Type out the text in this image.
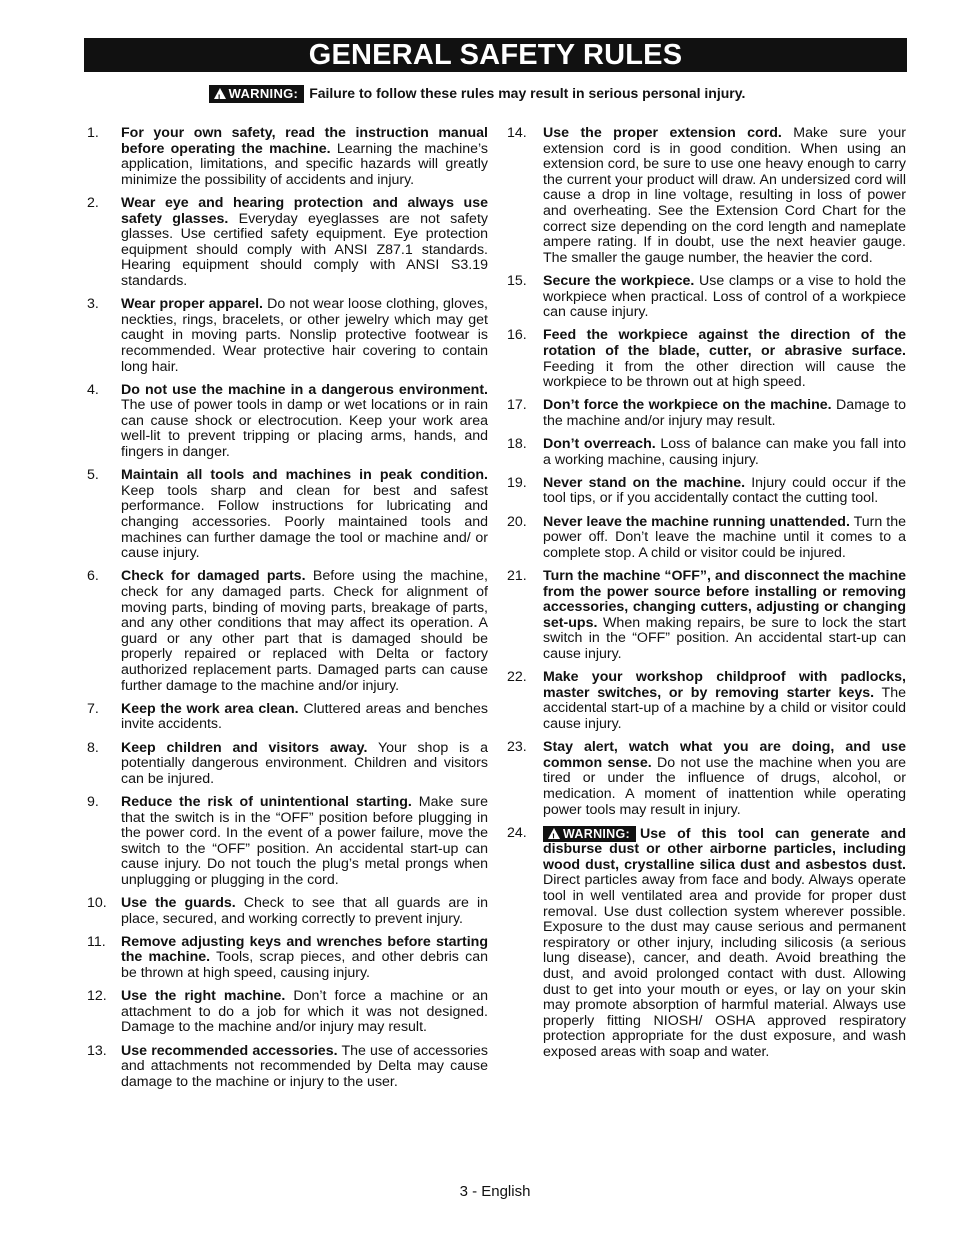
GENERAL SAFETY RULES
!WARNING: Failure to follow these rules may result in serious personal injury.
1. For your own safety, read the instruction manual before operating the machine. Learning the machine’s application, limitations, and specific hazards will greatly minimize the possibility of accidents and injury.
2. Wear eye and hearing protection and always use safety glasses. Everyday eyeglasses are not safety glasses. Use certified safety equipment. Eye protection equipment should comply with ANSI Z87.1 standards. Hearing equipment should comply with ANSI S3.19 standards.
3. Wear proper apparel. Do not wear loose clothing, gloves, neckties, rings, bracelets, or other jewelry which may get caught in moving parts. Nonslip protective footwear is recommended. Wear protective hair covering to contain long hair.
4. Do not use the machine in a dangerous environment. The use of power tools in damp or wet locations or in rain can cause shock or electrocution. Keep your work area well-lit to prevent tripping or placing arms, hands, and fingers in danger.
5. Maintain all tools and machines in peak condition. Keep tools sharp and clean for best and safest performance. Follow instructions for lubricating and changing accessories. Poorly maintained tools and machines can further damage the tool or machine and/ or cause injury.
6. Check for damaged parts. Before using the machine, check for any damaged parts. Check for alignment of moving parts, binding of moving parts, breakage of parts, and any other conditions that may affect its operation. A guard or any other part that is damaged should be properly repaired or replaced with Delta or factory authorized replacement parts. Damaged parts can cause further damage to the machine and/or injury.
7. Keep the work area clean. Cluttered areas and benches invite accidents.
8. Keep children and visitors away. Your shop is a potentially dangerous environment. Children and visitors can be injured.
9. Reduce the risk of unintentional starting. Make sure that the switch is in the “OFF” position before plugging in the power cord. In the event of a power failure, move the switch to the “OFF” position. An accidental start-up can cause injury. Do not touch the plug’s metal prongs when unplugging or plugging in the cord.
10. Use the guards. Check to see that all guards are in place, secured, and working correctly to prevent injury.
11. Remove adjusting keys and wrenches before starting the machine. Tools, scrap pieces, and other debris can be thrown at high speed, causing injury.
12. Use the right machine. Don’t force a machine or an attachment to do a job for which it was not designed. Damage to the machine and/or injury may result.
13. Use recommended accessories. The use of accessories and attachments not recommended by Delta may cause damage to the machine or injury to the user.
14. Use the proper extension cord. Make sure your extension cord is in good condition. When using an extension cord, be sure to use one heavy enough to carry the current your product will draw. An undersized cord will cause a drop in line voltage, resulting in loss of power and overheating. See the Extension Cord Chart for the correct size depending on the cord length and nameplate ampere rating. If in doubt, use the next heavier gauge. The smaller the gauge number, the heavier the cord.
15. Secure the workpiece. Use clamps or a vise to hold the workpiece when practical. Loss of control of a workpiece can cause injury.
16. Feed the workpiece against the direction of the rotation of the blade, cutter, or abrasive surface. Feeding it from the other direction will cause the workpiece to be thrown out at high speed.
17. Don’t force the workpiece on the machine. Damage to the machine and/or injury may result.
18. Don’t overreach. Loss of balance can make you fall into a working machine, causing injury.
19. Never stand on the machine. Injury could occur if the tool tips, or if you accidentally contact the cutting tool.
20. Never leave the machine running unattended. Turn the power off. Don’t leave the machine until it comes to a complete stop. A child or visitor could be injured.
21. Turn the machine “OFF”, and disconnect the machine from the power source before installing or removing accessories, changing cutters, adjusting or changing set-ups. When making repairs, be sure to lock the start switch in the “OFF” position. An accidental start-up can cause injury.
22. Make your workshop childproof with padlocks, master switches, or by removing starter keys. The accidental start-up of a machine by a child or visitor could cause injury.
23. Stay alert, watch what you are doing, and use common sense. Do not use the machine when you are tired or under the influence of drugs, alcohol, or medication. A moment of inattention while operating power tools may result in injury.
24.
!	WARNING: Use of this tool can generate and disburse dust or other airborne particles, including wood dust, crystalline silica dust and asbestos dust. Direct particles away from face and body. Always operate tool in well ventilated area and provide for proper dust removal. Use dust collection system wherever possible. Exposure to the dust may cause serious and permanent respiratory or other injury, including silicosis (a serious lung disease), cancer, and death. Avoid breathing the dust, and avoid prolonged contact with dust. Allowing dust to get into your mouth or eyes, or lay on your skin may promote absorption of harmful material. Always use properly fitting NIOSH/ OSHA approved respiratory protection appropriate for the dust exposure, and wash exposed areas with soap and water.
3 - English
